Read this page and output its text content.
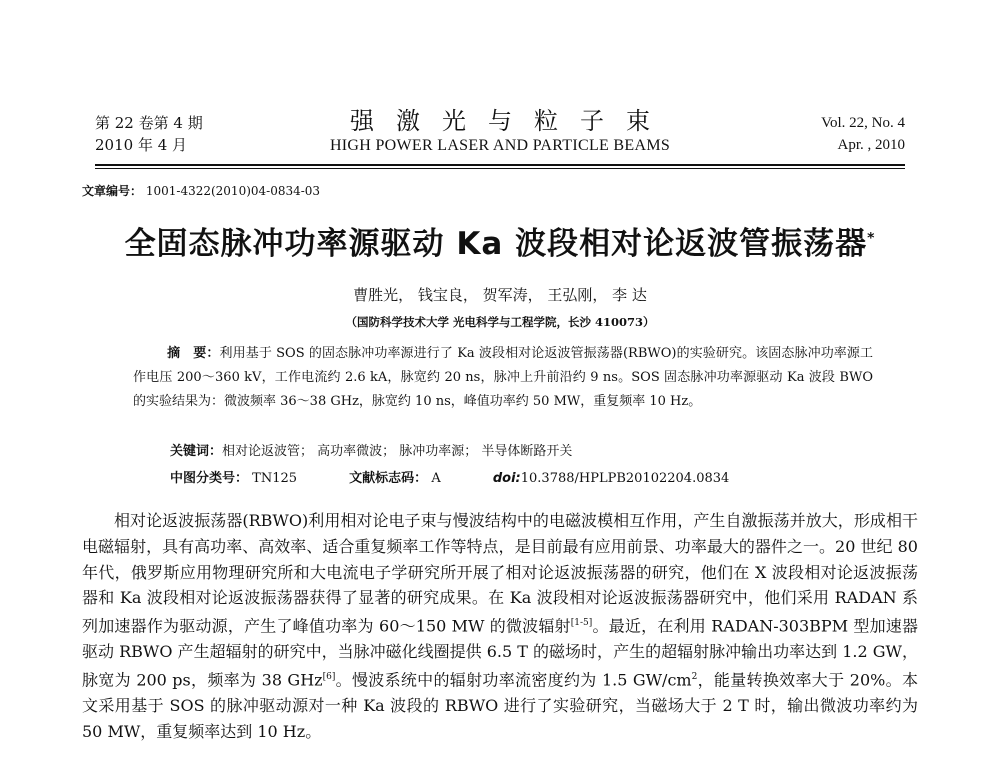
第 22 卷第 4 期
2010 年 4 月
强激光与粒子束
HIGH POWER LASER AND PARTICLE BEAMS
Vol. 22, No. 4
Apr. , 2010
文章编号： 1001-4322(2010)04-0834-03
全固态脉冲功率源驱动 Ka 波段相对论返波管振荡器*
曹胜光， 钱宝良， 贺军涛， 王弘刚， 李 达
（国防科学技术大学 光电科学与工程学院，长沙 410073）
摘　要：利用基于 SOS 的固态脉冲功率源进行了 Ka 波段相对论返波管振荡器(RBWO)的实验研究。该固态脉冲功率源工作电压 200～360 kV，工作电流约 2.6 kA，脉宽约 20 ns，脉冲上升前沿约 9 ns。SOS 固态脉冲功率源驱动 Ka 波段 BWO 的实验结果为：微波频率 36～38 GHz，脉宽约 10 ns，峰值功率约 50 MW，重复频率 10 Hz。
关键词：相对论返波管； 高功率微波； 脉冲功率源； 半导体断路开关
中图分类号： TN125	文献标志码： A	doi:10.3788/HPLPB20102204.0834

相对论返波振荡器(RBWO)利用相对论电子束与慢波结构中的电磁波模相互作用，产生自激振荡并放大，形成相干电磁辐射，具有高功率、高效率、适合重复频率工作等特点，是目前最有应用前景、功率最大的器件之一。20 世纪 80 年代，俄罗斯应用物理研究所和大电流电子学研究所开展了相对论返波振荡器的研究，他们在 X 波段相对论返波振荡器和 Ka 波段相对论返波振荡器获得了显著的研究成果。在 Ka 波段相对论返波振荡器研究中，他们采用 RADAN 系列加速器作为驱动源，产生了峰值功率为 60～150 MW 的微波辐射[1-5]。最近，在利用 RADAN-303BPM 型加速器驱动 RBWO 产生超辐射的研究中，当脉冲磁化线圈提供 6.5 T 的磁场时，产生的超辐射脉冲输出功率达到 1.2 GW，脉宽为 200 ps，频率为 38 GHz[6]。慢波系统中的辐射功率流密度约为 1.5 $GW/cm^2$，能量转换效率大于 20%。本文采用基于 SOS 的脉冲驱动源对一种 Ka 波段的 RBWO 进行了实验研究，当磁场大于 2 T 时，输出微波功率约为 50 MW，重复频率达到 10 Hz。
